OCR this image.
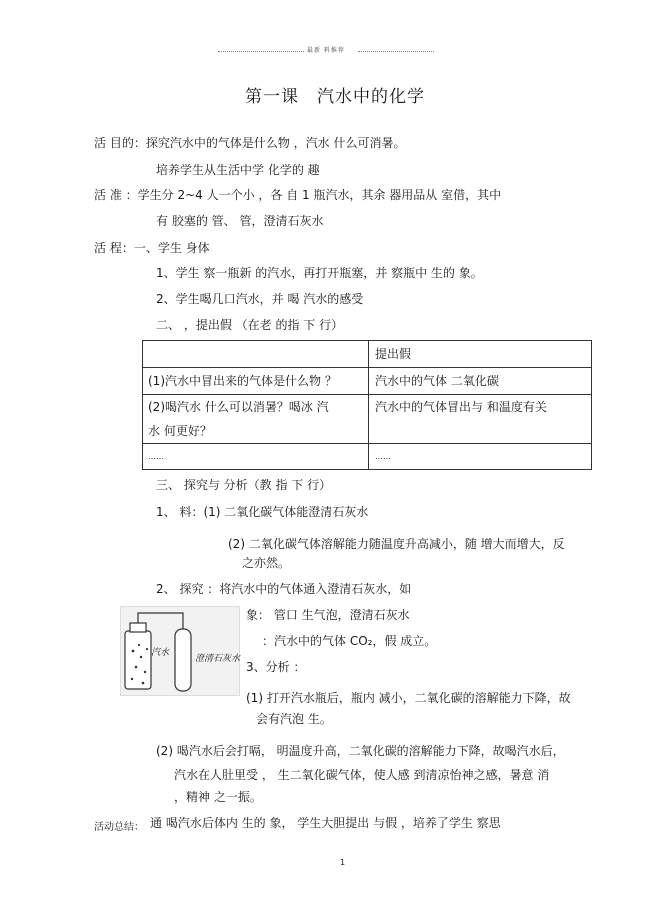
最新 料推荐
第一课　汽水中的化学
活 目的：探究汽水中的气体是什么物 ，汽水 什么可消暑。
培养学生从生活中学 化学的 趣
活 准 ：学生分 2~4 人一个小 ，各 自 1 瓶汽水，其余 器用品从 室借，其中
有 胶塞的 管、 管，澄清石灰水
活 程：一、学生 身体
1、学生 察一瓶新 的汽水，再打开瓶塞，并 察瓶中 生的 象。
2、学生喝几口汽水，并 喝 汽水的感受
二、 ，提出假 （在老 的指 下 行）
提出假
(1)汽水中冒出来的气体是什么物 ？	汽水中的气体 二氧化碳
(2)喝汽水 什么可以消暑？喝冰 汽
水 何更好？
汽水中的气体冒出与 和温度有关
……	……
三、 探究与 分析（教 指 下 行）
1、 料：(1) 二氧化碳气体能澄清石灰水
(2) 二氧化碳气体溶解能力随温度升高减小，随 增大而增大，反
之亦然。
2、 探究 ：将汽水中的气体通入澄清石灰水，如
汽水
澄清石灰水
象： 管口 生气泡，澄清石灰水
：汽水中的气体 CO₂，假 成立。
3、分析 ：
(1) 打开汽水瓶后，瓶内 减小，二氧化碳的溶解能力下降，故
会有汽泡 生。
(2) 喝汽水后会打嗝， 明温度升高，二氧化碳的溶解能力下降，故喝汽水后，
汽水在人肚里受 ， 生二氧化碳气体，使人感 到清凉怡神之感，暑意 消
，精神 之一振。
活动总结： 通 喝汽水后体内 生的 象， 学生大胆提出 与假 ，培养了学生 察思
1
